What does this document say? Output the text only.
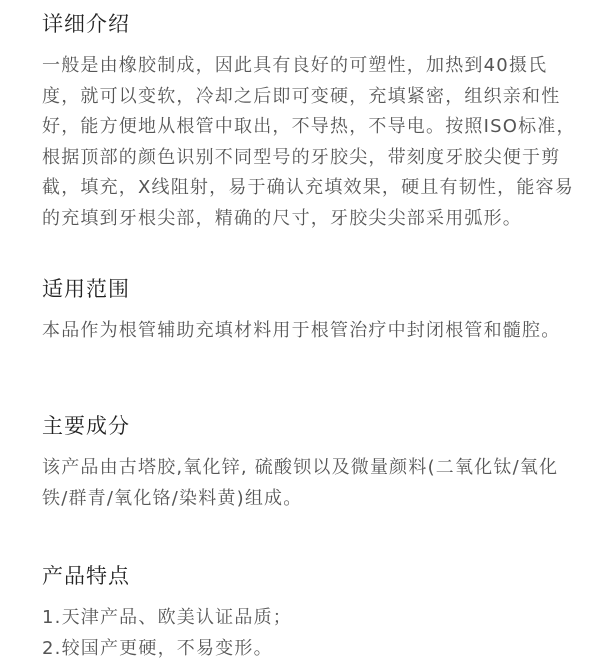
详细介绍

一般是由橡胶制成，因此具有良好的可塑性，加热到40摄氏度，就可以变软，冷却之后即可变硬，充填紧密，组织亲和性好，能方便地从根管中取出，不导热，不导电。按照ISO标准，根据顶部的颜色识别不同型号的牙胶尖，带刻度牙胶尖便于剪截，填充，X线阻射，易于确认充填效果，硬且有韧性，能容易的充填到牙根尖部，精确的尺寸，牙胶尖尖部采用弧形。

适用范围

本品作为根管辅助充填材料用于根管治疗中封闭根管和髓腔。

主要成分

该产品由古塔胶,氧化锌, 硫酸钡以及微量颜料(二氧化钛/氧化铁/群青/氧化铬/染料黄)组成。

产品特点
1.天津产品、欧美认证品质；
2.较国产更硬，不易变形。
